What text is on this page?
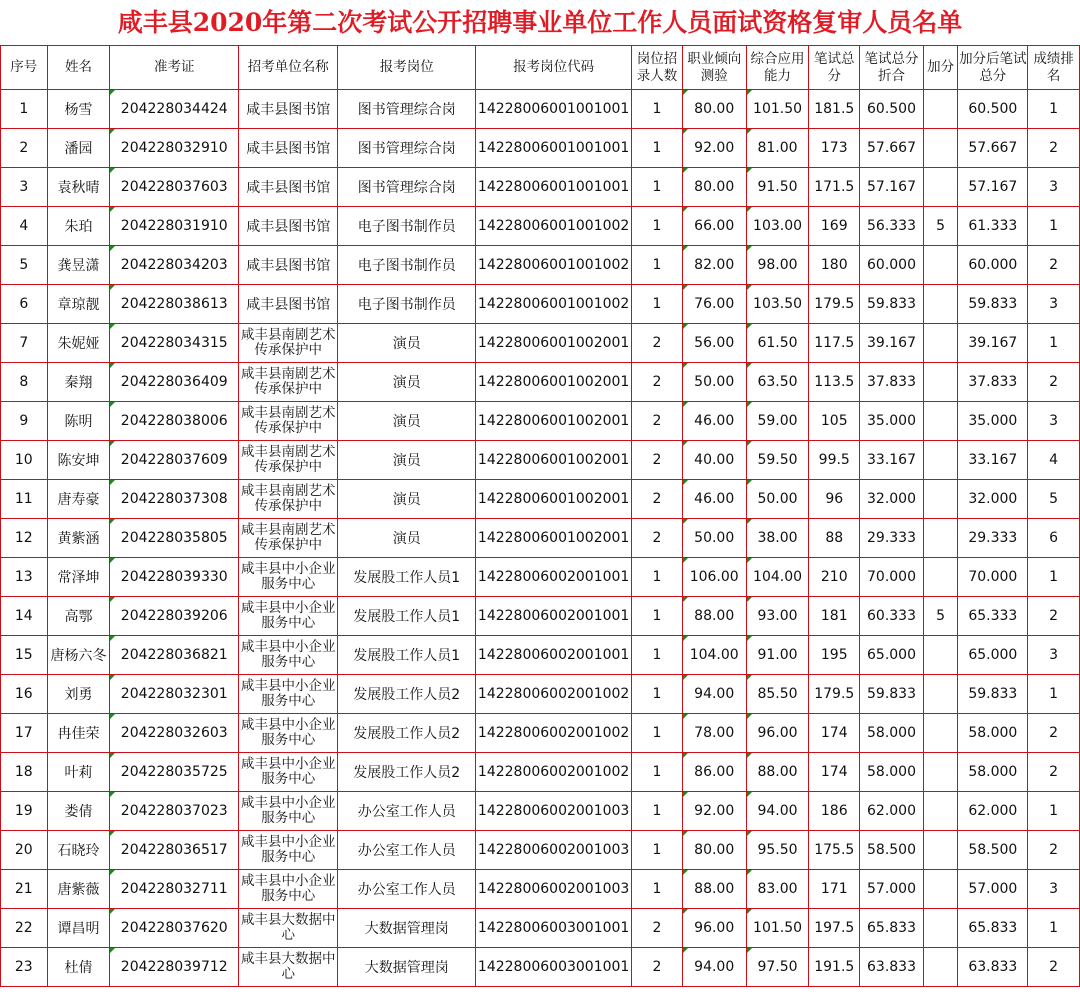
咸丰县2020年第二次考试公开招聘事业单位工作人员面试资格复审人员名单
序号	姓名	准考证	招考单位名称	报考岗位	报考岗位代码	岗位招录人数	职业倾向测验	综合应用能力	笔试总分	笔试总分折合	加分	加分后笔试总分	成绩排名
1	杨雪	204228034424	咸丰县图书馆	图书管理综合岗	14228006001001001	1	80.00	101.50	181.5	60.500		60.500	1
2	潘园	204228032910	咸丰县图书馆	图书管理综合岗	14228006001001001	1	92.00	81.00	173	57.667		57.667	2
3	袁秋晴	204228037603	咸丰县图书馆	图书管理综合岗	14228006001001001	1	80.00	91.50	171.5	57.167		57.167	3
4	朱珀	204228031910	咸丰县图书馆	电子图书制作员	14228006001001002	1	66.00	103.00	169	56.333	5	61.333	1
5	龚昱潇	204228034203	咸丰县图书馆	电子图书制作员	14228006001001002	1	82.00	98.00	180	60.000		60.000	2
6	章琼靓	204228038613	咸丰县图书馆	电子图书制作员	14228006001001002	1	76.00	103.50	179.5	59.833		59.833	3
7	朱妮娅	204228034315	咸丰县南剧艺术传承保护中	演员	14228006001002001	2	56.00	61.50	117.5	39.167		39.167	1
8	秦翔	204228036409	咸丰县南剧艺术传承保护中	演员	14228006001002001	2	50.00	63.50	113.5	37.833		37.833	2
9	陈明	204228038006	咸丰县南剧艺术传承保护中	演员	14228006001002001	2	46.00	59.00	105	35.000		35.000	3
10	陈安坤	204228037609	咸丰县南剧艺术传承保护中	演员	14228006001002001	2	40.00	59.50	99.5	33.167		33.167	4
11	唐寿豪	204228037308	咸丰县南剧艺术传承保护中	演员	14228006001002001	2	46.00	50.00	96	32.000		32.000	5
12	黄紫涵	204228035805	咸丰县南剧艺术传承保护中	演员	14228006001002001	2	50.00	38.00	88	29.333		29.333	6
13	常泽坤	204228039330	咸丰县中小企业服务中心	发展股工作人员1	14228006002001001	1	106.00	104.00	210	70.000		70.000	1
14	高鄂	204228039206	咸丰县中小企业服务中心	发展股工作人员1	14228006002001001	1	88.00	93.00	181	60.333	5	65.333	2
15	唐杨六冬	204228036821	咸丰县中小企业服务中心	发展股工作人员1	14228006002001001	1	104.00	91.00	195	65.000		65.000	3
16	刘勇	204228032301	咸丰县中小企业服务中心	发展股工作人员2	14228006002001002	1	94.00	85.50	179.5	59.833		59.833	1
17	冉佳荣	204228032603	咸丰县中小企业服务中心	发展股工作人员2	14228006002001002	1	78.00	96.00	174	58.000		58.000	2
18	叶莉	204228035725	咸丰县中小企业服务中心	发展股工作人员2	14228006002001002	1	86.00	88.00	174	58.000		58.000	2
19	娄倩	204228037023	咸丰县中小企业服务中心	办公室工作人员	14228006002001003	1	92.00	94.00	186	62.000		62.000	1
20	石晓玲	204228036517	咸丰县中小企业服务中心	办公室工作人员	14228006002001003	1	80.00	95.50	175.5	58.500		58.500	2
21	唐紫薇	204228032711	咸丰县中小企业服务中心	办公室工作人员	14228006002001003	1	88.00	83.00	171	57.000		57.000	3
22	谭昌明	204228037620	咸丰县大数据中心	大数据管理岗	14228006003001001	2	96.00	101.50	197.5	65.833		65.833	1
23	杜倩	204228039712	咸丰县大数据中心	大数据管理岗	14228006003001001	2	94.00	97.50	191.5	63.833		63.833	2
